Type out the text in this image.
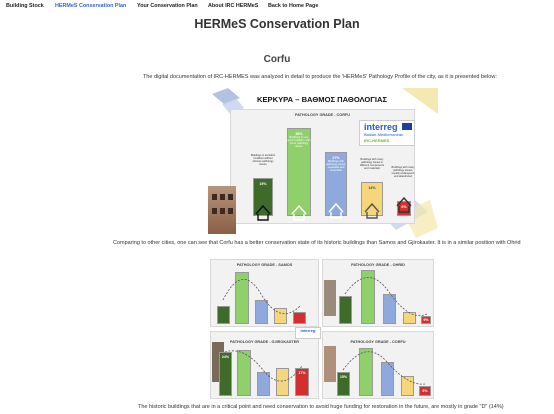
Building Stock HERMeS Conservation Plan Your Conservation Plan About IRC HERMeS Back to Home Page
HERMeS Conservation Plan
Corfu
The digital documentation of IRC-HERMES was analyzed in detail to produce the 'HERMeS' Pathology Profile of the city, as it is presented below:
ΚΕΡΚΥΡΑ – ΒΑΘΜΟΣ ΠΑΘΟΛΟΓΙΑΣ
PATHOLOGY GRADE - CORFU
interreg
Balkan-Mediterranean
IRC-HERMES
15%
38%
27%
14%
6%
Buildings in excellent condition without obvious pathology issues
Buildings in very good condition, with minor pathology issues
Buildings with pathology issues, repairable and restorable
Buildings with many pathology issues in different components and materials	Buildings with many pathology issues, usually endangered and abandoned
Comparing to other cities, one can see that Corfu has a better conservation state of its historic buildings than Samos and Gjirokaster. It is in a similar position with Ohrid
PATHOLOGY GRADE - SAMOS	PATHOLOGY GRADE - OHRID
9%
interreg
PATHOLOGY GRADE - GJIROKASTER
24%
17%
PATHOLOGY GRADE - CORFU
15%
6%
The historic buildings that are in a critical point and need conservation to avoid huge funding for restoration in the future, are mostly in grade "D" (14%)
